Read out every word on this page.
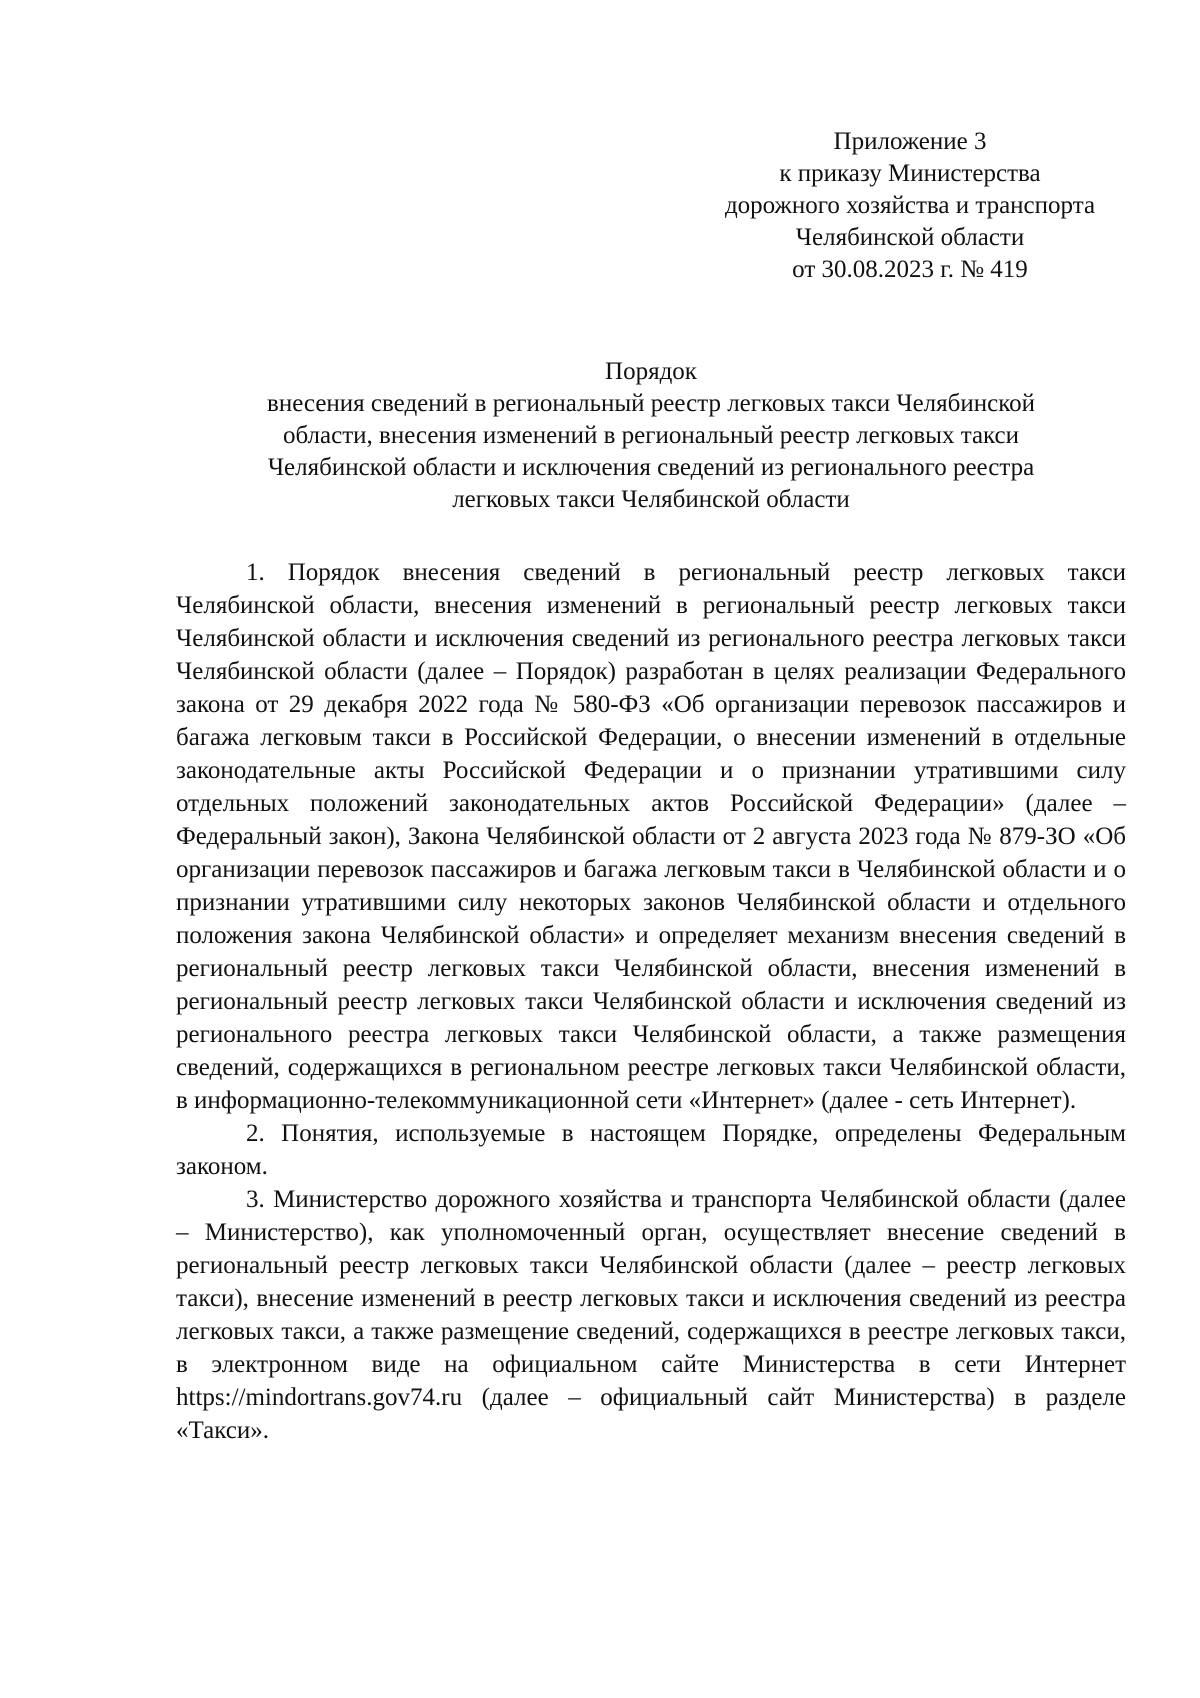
Приложение 3
к приказу Министерства
дорожного хозяйства и транспорта
Челябинской области
от 30.08.2023 г. № 419
Порядок
внесения сведений в региональный реестр легковых такси Челябинской
области, внесения изменений в региональный реестр легковых такси
Челябинской области и исключения сведений из регионального реестра
легковых такси Челябинской области

1. Порядок внесения сведений в региональный реестр легковых такси Челябинской области, внесения изменений в региональный реестр легковых такси Челябинской области и исключения сведений из регионального реестра легковых такси Челябинской области (далее – Порядок) разработан в целях реализации Федерального закона от 29 декабря 2022 года № 580-ФЗ «Об организации перевозок пассажиров и багажа легковым такси в Российской Федерации, о внесении изменений в отдельные законодательные акты Российской Федерации и о признании утратившими силу отдельных положений законодательных актов Российской Федерации» (далее – Федеральный закон), Закона Челябинской области от 2 августа 2023 года № 879-ЗО «Об организации перевозок пассажиров и багажа легковым такси в Челябинской области и о признании утратившими силу некоторых законов Челябинской области и отдельного положения закона Челябинской области» и определяет механизм внесения сведений в региональный реестр легковых такси Челябинской области, внесения изменений в региональный реестр легковых такси Челябинской области и исключения сведений из регионального реестра легковых такси Челябинской области, а также размещения сведений, содержащихся в региональном реестре легковых такси Челябинской области, в информационно-телекоммуникационной сети «Интернет» (далее - сеть Интернет).

2. Понятия, используемые в настоящем Порядке, определены Федеральным законом.

3. Министерство дорожного хозяйства и транспорта Челябинской области (далее – Министерство), как уполномоченный орган, осуществляет внесение сведений в региональный реестр легковых такси Челябинской области (далее – реестр легковых такси), внесение изменений в реестр легковых такси и исключения сведений из реестра легковых такси, а также размещение сведений, содержащихся в реестре легковых такси, в электронном виде на официальном сайте Министерства в сети Интернет https://mindortrans.gov74.ru (далее – официальный сайт Министерства) в разделе «Такси».
